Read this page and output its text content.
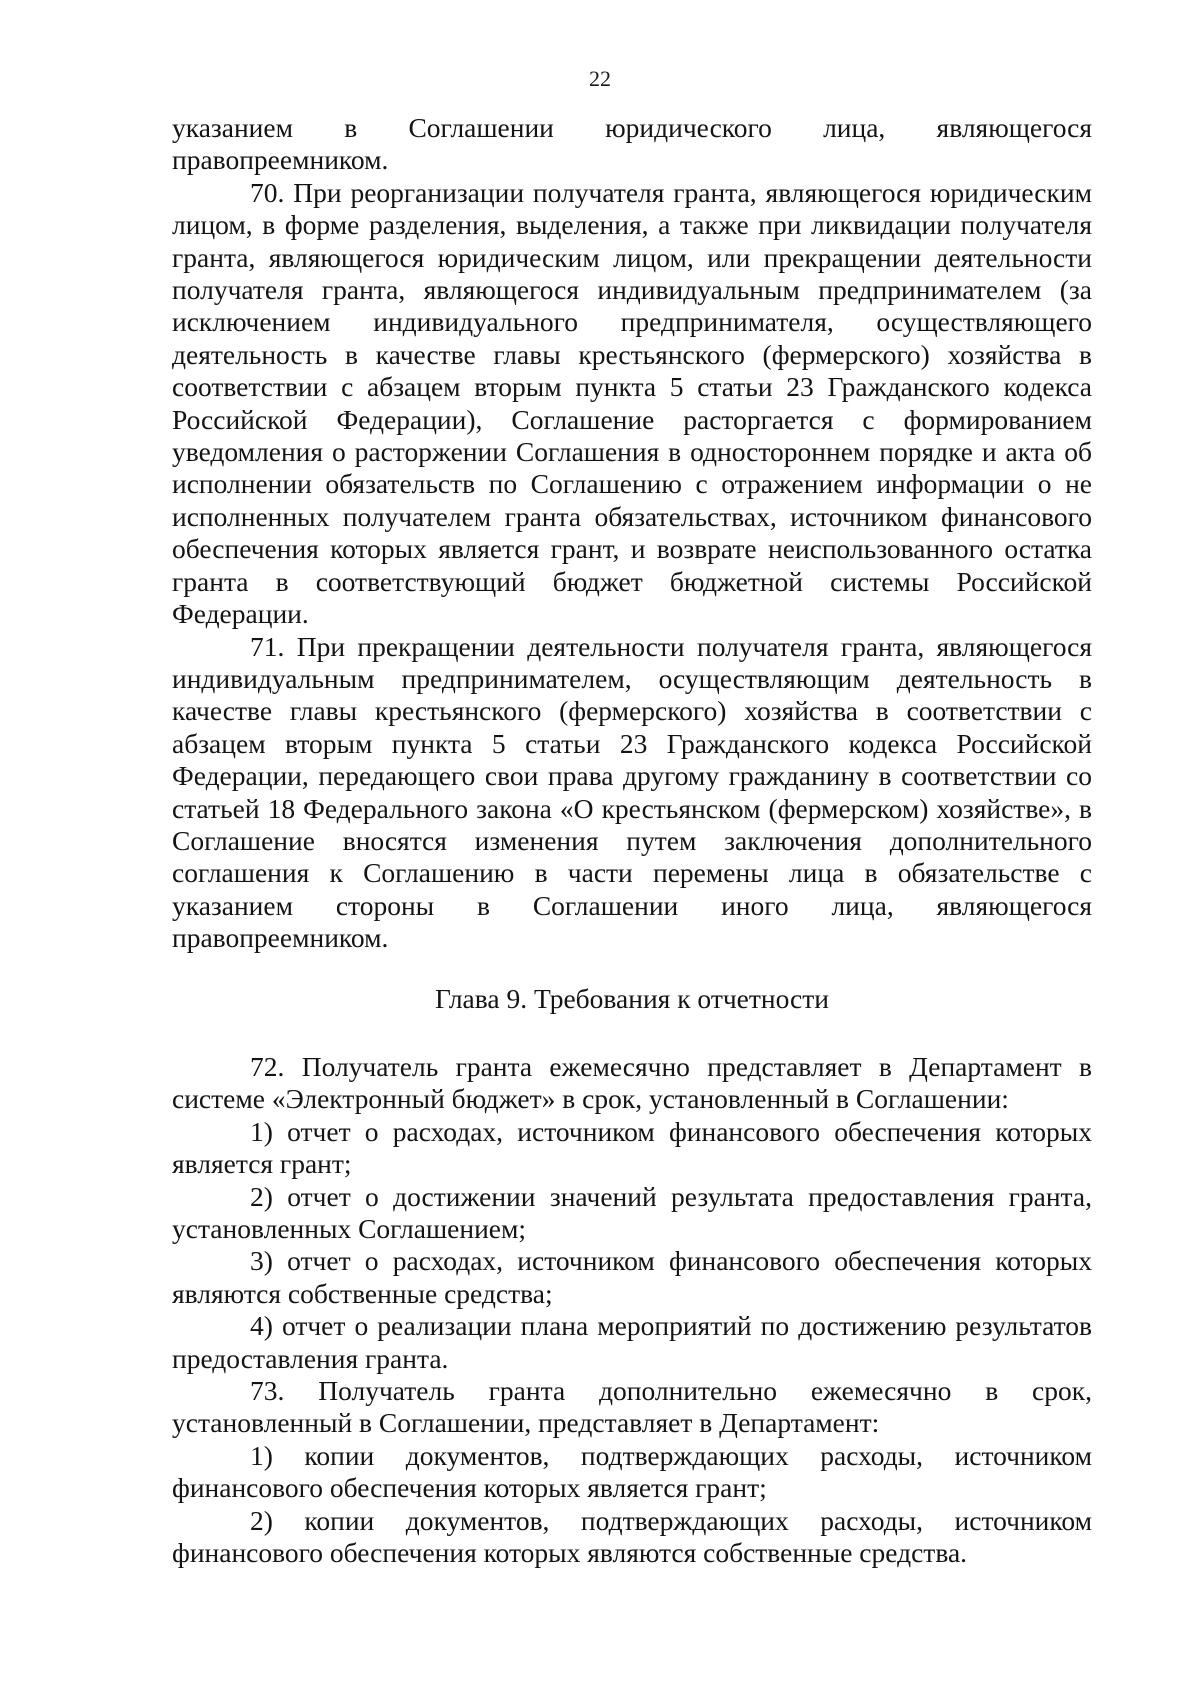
22

указанием в Соглашении юридического лица, являющегося правопреемником.

70. При реорганизации получателя гранта, являющегося юридическим лицом, в форме разделения, выделения, а также при ликвидации получателя гранта, являющегося юридическим лицом, или прекращении деятельности получателя гранта, являющегося индивидуальным предпринимателем (за исключением индивидуального предпринимателя, осуществляющего деятельность в качестве главы крестьянского (фермерского) хозяйства в соответствии с абзацем вторым пункта 5 статьи 23 Гражданского кодекса Российской Федерации), Соглашение расторгается с формированием уведомления о расторжении Соглашения в одностороннем порядке и акта об исполнении обязательств по Соглашению с отражением информации о не исполненных получателем гранта обязательствах, источником финансового обеспечения которых является грант, и возврате неиспользованного остатка гранта в соответствующий бюджет бюджетной системы Российской Федерации.

71. При прекращении деятельности получателя гранта, являющегося индивидуальным предпринимателем, осуществляющим деятельность в качестве главы крестьянского (фермерского) хозяйства в соответствии с абзацем вторым пункта 5 статьи 23 Гражданского кодекса Российской Федерации, передающего свои права другому гражданину в соответствии со статьей 18 Федерального закона «О крестьянском (фермерском) хозяйстве», в Соглашение вносятся изменения путем заключения дополнительного соглашения к Соглашению в части перемены лица в обязательстве с указанием стороны в Соглашении иного лица, являющегося правопреемником.

Глава 9. Требования к отчетности

72. Получатель гранта ежемесячно представляет в Департамент в системе «Электронный бюджет» в срок, установленный в Соглашении:

1) отчет о расходах, источником финансового обеспечения которых является грант;

2) отчет о достижении значений результата предоставления гранта, установленных Соглашением;

3) отчет о расходах, источником финансового обеспечения которых являются собственные средства;

4) отчет о реализации плана мероприятий по достижению результатов предоставления гранта.

73. Получатель гранта дополнительно ежемесячно в срок, установленный в Соглашении, представляет в Департамент:

1) копии документов, подтверждающих расходы, источником финансового обеспечения которых является грант;

2) копии документов, подтверждающих расходы, источником финансового обеспечения которых являются собственные средства.
